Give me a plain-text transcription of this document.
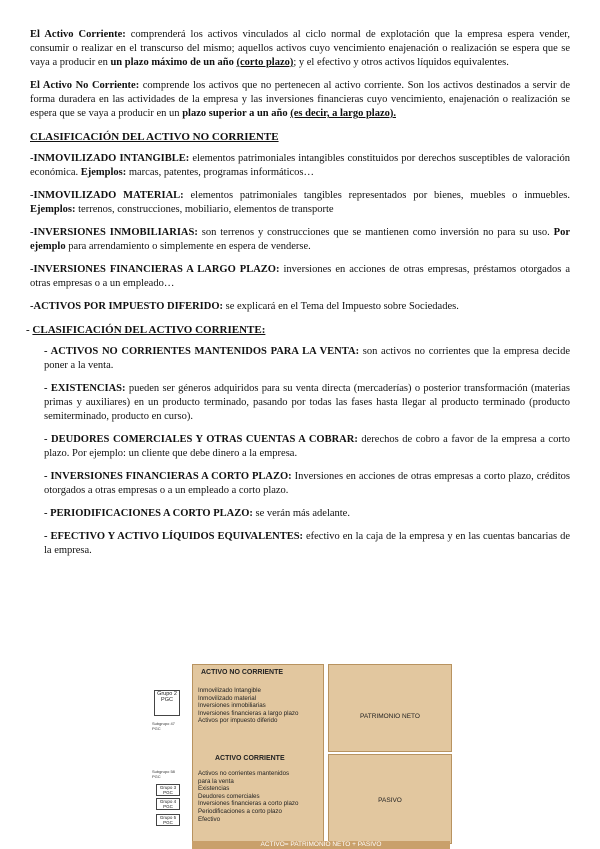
El Activo Corriente: comprenderá los activos vinculados al ciclo normal de explotación que la empresa espera vender, consumir o realizar en el transcurso del mismo; aquellos activos cuyo vencimiento enajenación o realización se espera que se vaya a producir en un plazo máximo de un año (corto plazo); y el efectivo y otros activos líquidos equivalentes.

El Activo No Corriente: comprende los activos que no pertenecen al activo corriente. Son los activos destinados a servir de forma duradera en las actividades de la empresa y las inversiones financieras cuyo vencimiento, enajenación o realización se espera que se vaya a producir en un plazo superior a un año (es decir, a largo plazo).

CLASIFICACIÓN DEL ACTIVO NO CORRIENTE

-INMOVILIZADO INTANGIBLE: elementos patrimoniales intangibles constituidos por derechos susceptibles de valoración económica. Ejemplos: marcas, patentes, programas informáticos…

-INMOVILIZADO MATERIAL: elementos patrimoniales tangibles representados por bienes, muebles o inmuebles. Ejemplos: terrenos, construcciones, mobiliario, elementos de transporte

-INVERSIONES INMOBILIARIAS: son terrenos y construcciones que se mantienen como inversión no para su uso. Por ejemplo para arrendamiento o simplemente en espera de venderse.

-INVERSIONES FINANCIERAS A LARGO PLAZO: inversiones en acciones de otras empresas, préstamos otorgados a otras empresas o a un empleado…

-ACTIVOS POR IMPUESTO DIFERIDO: se explicará en el Tema del Impuesto sobre Sociedades.

- CLASIFICACIÓN DEL ACTIVO CORRIENTE:

- ACTIVOS NO CORRIENTES MANTENIDOS PARA LA VENTA: son activos no corrientes que la empresa decide poner a la venta.

- EXISTENCIAS: pueden ser géneros adquiridos para su venta directa (mercaderías) o posterior transformación (materias primas y auxiliares) en un producto terminado, pasando por todas las fases hasta llegar al producto terminado (producto semiterminado, producto en curso).

- DEUDORES COMERCIALES Y OTRAS CUENTAS A COBRAR: derechos de cobro a favor de la empresa a corto plazo. Por ejemplo: un cliente que debe dinero a la empresa.

- INVERSIONES FINANCIERAS A CORTO PLAZO: Inversiones en acciones de otras empresas a corto plazo, créditos otorgados a otras empresas o a un empleado a corto plazo.

- PERIODIFICACIONES A CORTO PLAZO: se verán más adelante.

- EFECTIVO Y ACTIVO LÍQUIDOS EQUIVALENTES: efectivo en la caja de la empresa y en las cuentas bancarias de la empresa.

Grupo 2 PGC
Subgrupo 47 PGC
Subgrupo 58 PGC
Grupo 3 PGC
Grupo 4 PGC
Grupo 5 PGC
ACTIVO NO CORRIENTE
Inmovilizado Intangible
Inmovilizado material
Inversiones inmobiliarias
Inversiones financieras a largo plazo
Activos por impuesto diferido
ACTIVO CORRIENTE
Activos no corrientes mantenidos
para la venta
Existencias
Deudores comerciales
Inversiones financieras a corto plazo
Periodificaciones a corto plazo
Efectivo
PATRIMONIO NETO
PASIVO
ACTIVO= PATRIMONIO NETO + PASIVO
